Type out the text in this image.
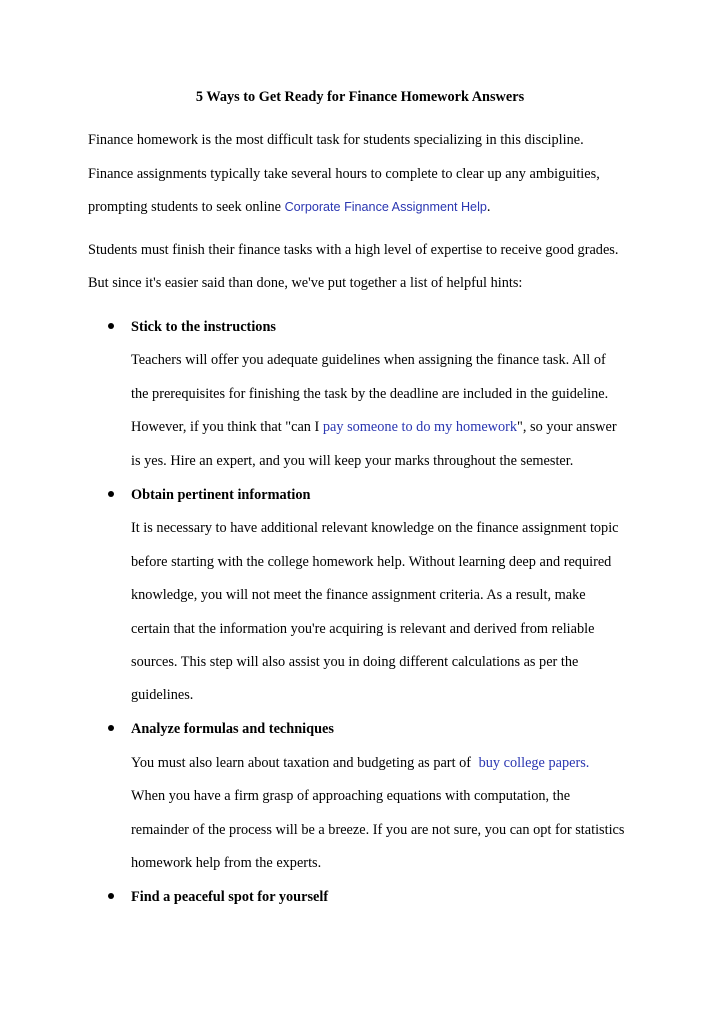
5 Ways to Get Ready for Finance Homework Answers
Finance homework is the most difficult task for students specializing in this discipline.
Finance assignments typically take several hours to complete to clear up any ambiguities,
prompting students to seek online Corporate Finance Assignment Help.
Students must finish their finance tasks with a high level of expertise to receive good grades.
But since it's easier said than done, we've put together a list of helpful hints:
Stick to the instructions
Teachers will offer you adequate guidelines when assigning the finance task. All of
the prerequisites for finishing the task by the deadline are included in the guideline.
However, if you think that "can I pay someone to do my homework", so your answer
is yes. Hire an expert, and you will keep your marks throughout the semester.
Obtain pertinent information
It is necessary to have additional relevant knowledge on the finance assignment topic
before starting with the college homework help. Without learning deep and required
knowledge, you will not meet the finance assignment criteria. As a result, make
certain that the information you're acquiring is relevant and derived from reliable
sources. This step will also assist you in doing different calculations as per the
guidelines.
Analyze formulas and techniques
You must also learn about taxation and budgeting as part of buy college papers.
When you have a firm grasp of approaching equations with computation, the
remainder of the process will be a breeze. If you are not sure, you can opt for statistics
homework help from the experts.
Find a peaceful spot for yourself
